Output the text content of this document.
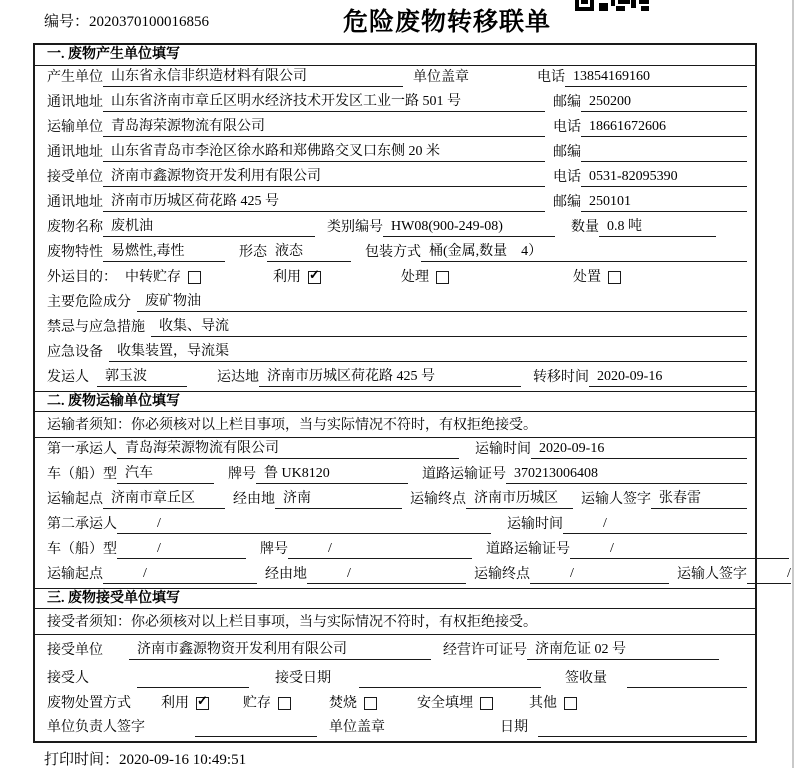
编号：2020370100016856	危险废物转移联单
一. 废物产生单位填写
产生单位 山东省永信非织造材料有限公司	单位盖章	电话 13854169160
通讯地址 山东省济南市章丘区明水经济技术开发区工业一路 501 号	邮编 250200
运输单位 青岛海荣源物流有限公司	电话 18661672606
通讯地址 山东省青岛市李沧区徐水路和郑佛路交叉口东侧 20 米	邮编
接受单位 济南市鑫源物资开发利用有限公司	电话 0531-82095390
通讯地址 济南市历城区荷花路 425 号	邮编 250101
废物名称 废机油	类别编号 HW08(900-249-08)	数量 0.8 吨
废物特性 易燃性,毒性	形态 液态	包装方式 桶(金属,数量　4）
外运目的： 中转贮存	利用 ✓	处理	处置
主要危险成分	废矿物油
禁忌与应急措施	收集、导流
应急设备	收集装置，导流渠
发运人	郭玉波	运达地 济南市历城区荷花路 425 号	转移时间 2020-09-16
二. 废物运输单位填写
运输者须知：你必须核对以上栏目事项，当与实际情况不符时，有权拒绝接受。
第一承运人 青岛海荣源物流有限公司	运输时间 2020-09-16
车（船）型 汽车	牌号 鲁 UK8120	道路运输证号 370213006408
运输起点 济南市章丘区	经由地 济南	运输终点 济南市历城区	运输人签字 张春雷
第二承运人	/	运输时间	/
车（船）型	/	牌号	/	道路运输证号	/
运输起点	/	经由地	/	运输终点	/	运输人签字	/
三. 废物接受单位填写
接受者须知：你必须核对以上栏目事项，当与实际情况不符时，有权拒绝接受。
接受单位	济南市鑫源物资开发利用有限公司	经营许可证号 济南危证 02 号
接受人	接受日期	签收量
废物处置方式 利用 ✓	贮存	焚烧	安全填埋	其他
单位负责人签字	单位盖章	日期
打印时间：2020-09-16 10:49:51
